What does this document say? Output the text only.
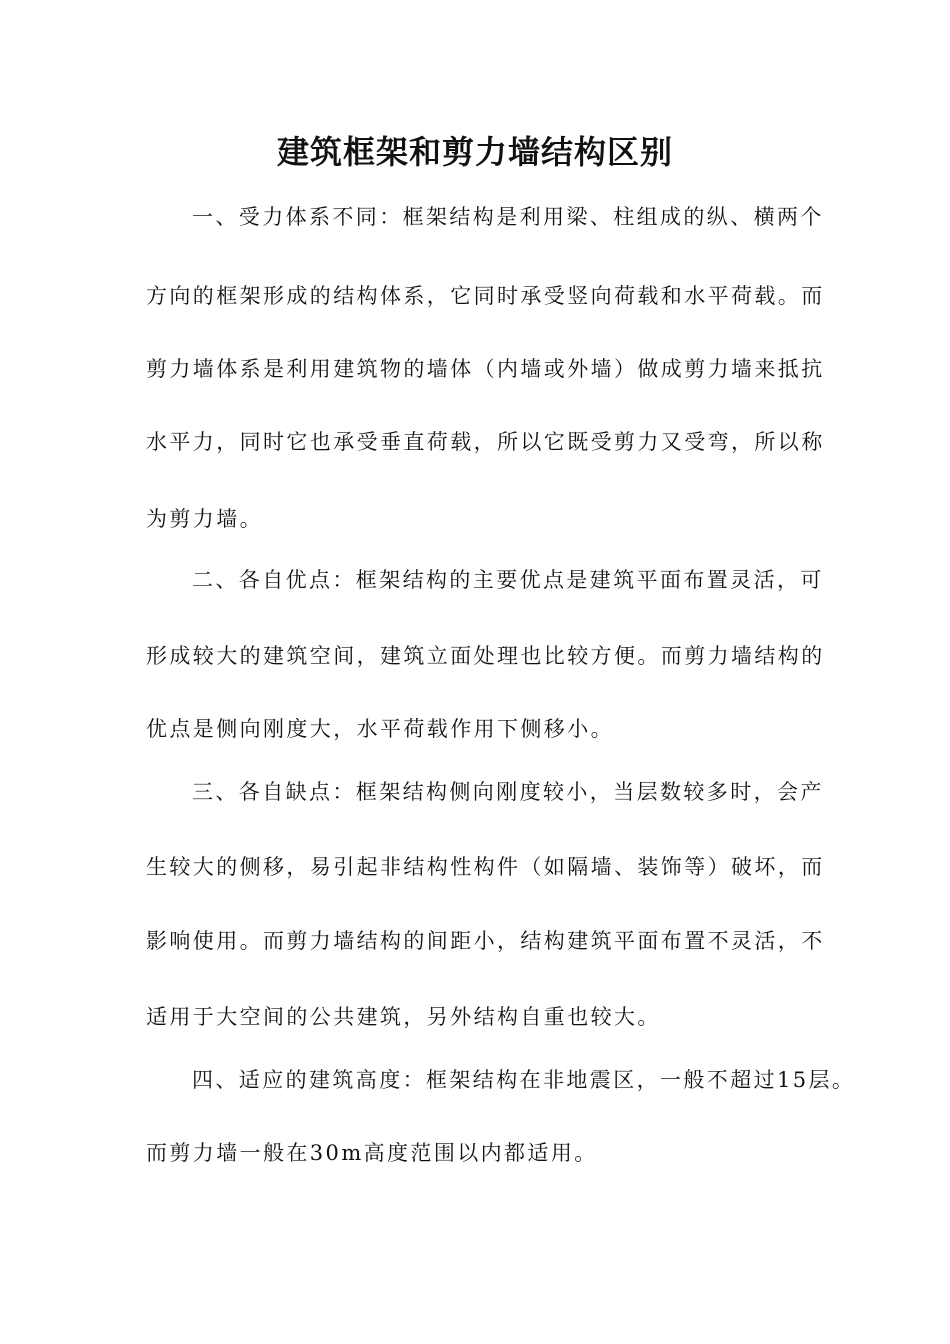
建筑框架和剪力墙结构区别

一、受力体系不同：框架结构是利用梁、柱组成的纵、横两个

方向的框架形成的结构体系，它同时承受竖向荷载和水平荷载。而

剪力墙体系是利用建筑物的墙体（内墙或外墙）做成剪力墙来抵抗

水平力，同时它也承受垂直荷载，所以它既受剪力又受弯，所以称

为剪力墙。

二、各自优点：框架结构的主要优点是建筑平面布置灵活，可

形成较大的建筑空间，建筑立面处理也比较方便。而剪力墙结构的

优点是侧向刚度大，水平荷载作用下侧移小。

三、各自缺点：框架结构侧向刚度较小，当层数较多时，会产

生较大的侧移，易引起非结构性构件（如隔墙、装饰等）破坏，而

影响使用。而剪力墙结构的间距小，结构建筑平面布置不灵活，不

适用于大空间的公共建筑，另外结构自重也较大。

四、适应的建筑高度：框架结构在非地震区，一般不超过15层。

而剪力墙一般在30m高度范围以内都适用。
